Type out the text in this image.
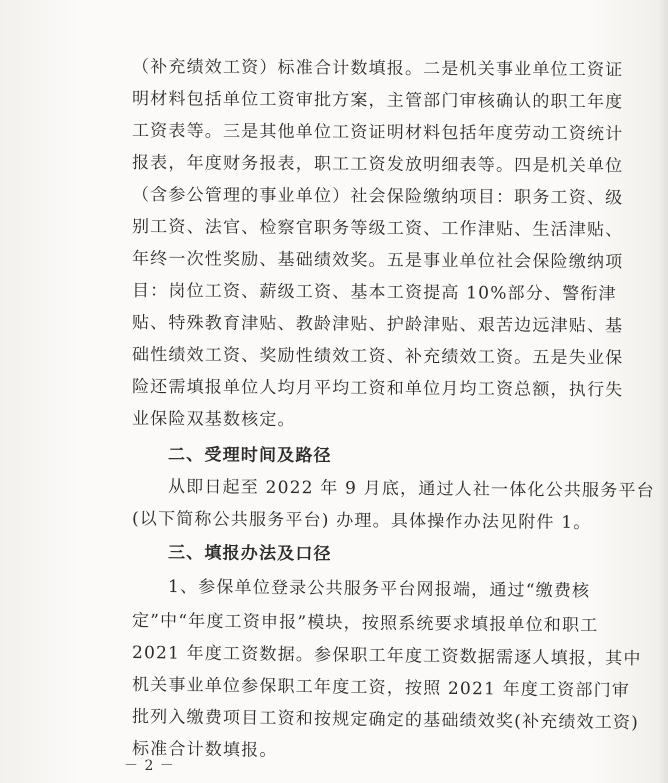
（补充绩效工资）标准合计数填报。二是机关事业单位工资证
明材料包括单位工资审批方案，主管部门审核确认的职工年度
工资表等。三是其他单位工资证明材料包括年度劳动工资统计
报表，年度财务报表，职工工资发放明细表等。四是机关单位
（含参公管理的事业单位）社会保险缴纳项目：职务工资、级
别工资、法官、检察官职务等级工资、工作津贴、生活津贴、
年终一次性奖励、基础绩效奖。五是事业单位社会保险缴纳项
目：岗位工资、薪级工资、基本工资提高 10%部分、警衔津
贴、特殊教育津贴、教龄津贴、护龄津贴、艰苦边远津贴、基
础性绩效工资、奖励性绩效工资、补充绩效工资。五是失业保
险还需填报单位人均月平均工资和单位月均工资总额，执行失
业保险双基数核定。
二、受理时间及路径
从即日起至 2022 年 9 月底，通过人社一体化公共服务平台
(以下简称公共服务平台) 办理。具体操作办法见附件 1。
三、填报办法及口径
1、参保单位登录公共服务平台网报端，通过“缴费核
定”中“年度工资申报”模块，按照系统要求填报单位和职工
2021 年度工资数据。参保职工年度工资数据需逐人填报，其中
机关事业单位参保职工年度工资，按照 2021 年度工资部门审
批列入缴费项目工资和按规定确定的基础绩效奖(补充绩效工资)
标准合计数填报。
－ 2 －
